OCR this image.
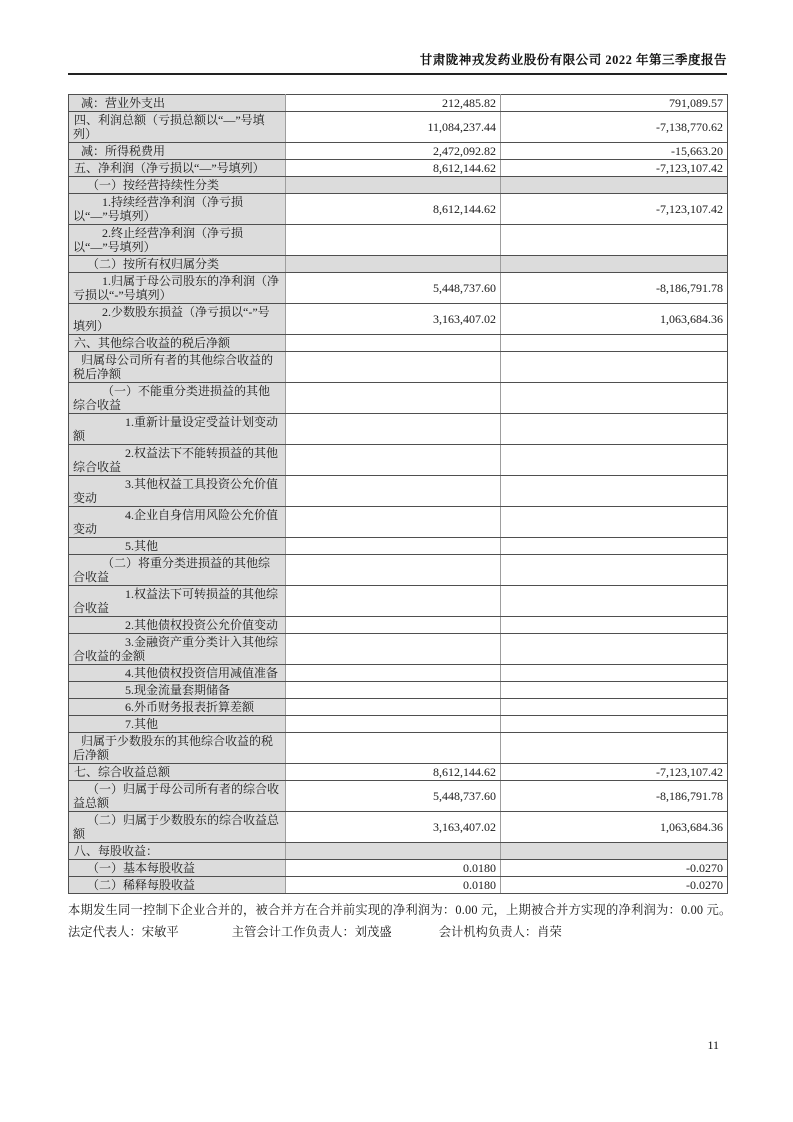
甘肃陇神戎发药业股份有限公司 2022 年第三季度报告
减：营业外支出	212,485.82	791,089.57

四、利润总额（亏损总额以“—”号填列）	11,084,237.44	-7,138,770.62

减：所得税费用	2,472,092.82	-15,663.20

五、净利润（净亏损以“—”号填列）	8,612,144.62	-7,123,107.42

（一）按经营持续性分类		

1.持续经营净利润（净亏损以“—”号填列）	8,612,144.62	-7,123,107.42

2.终止经营净利润（净亏损以“—”号填列）		

（二）按所有权归属分类		

1.归属于母公司股东的净利润（净亏损以“-”号填列）	5,448,737.60	-8,186,791.78

2.少数股东损益（净亏损以“-”号填列）	3,163,407.02	1,063,684.36

六、其他综合收益的税后净额		

归属母公司所有者的其他综合收益的税后净额		

（一）不能重分类进损益的其他综合收益		

1.重新计量设定受益计划变动额		

2.权益法下不能转损益的其他综合收益		

3.其他权益工具投资公允价值变动		

4.企业自身信用风险公允价值变动		

5.其他		

（二）将重分类进损益的其他综合收益		

1.权益法下可转损益的其他综合收益		

2.其他债权投资公允价值变动		

3.金融资产重分类计入其他综合收益的金额		

4.其他债权投资信用减值准备		

5.现金流量套期储备		

6.外币财务报表折算差额		

7.其他		

归属于少数股东的其他综合收益的税后净额		

七、综合收益总额	8,612,144.62	-7,123,107.42

（一）归属于母公司所有者的综合收益总额	5,448,737.60	-8,186,791.78

（二）归属于少数股东的综合收益总额	3,163,407.02	1,063,684.36

八、每股收益：		

（一）基本每股收益	0.0180	-0.0270

（二）稀释每股收益	0.0180	-0.0270
本期发生同一控制下企业合并的，被合并方在合并前实现的净利润为：0.00 元，上期被合并方实现的净利润为：0.00 元。
法定代表人：宋敏平	主管会计工作负责人：刘茂盛	会计机构负责人：肖荣
11
